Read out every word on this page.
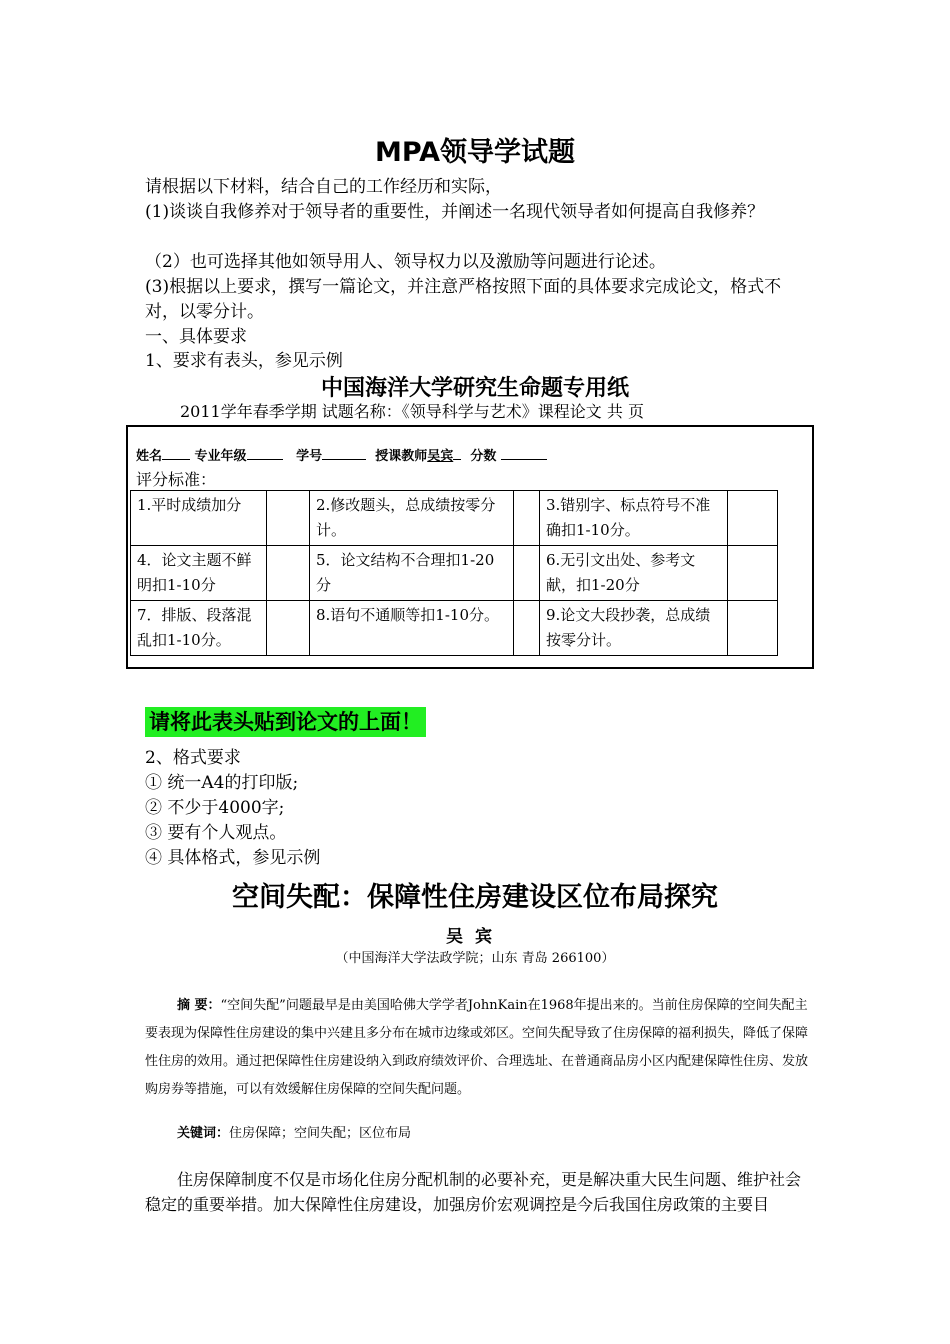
MPA领导学试题
请根据以下材料，结合自己的工作经历和实际，
(1)谈谈自我修养对于领导者的重要性，并阐述一名现代领导者如何提高自我修养？
（2）也可选择其他如领导用人、领导权力以及激励等问题进行论述。
(3)根据以上要求，撰写一篇论文，并注意严格按照下面的具体要求完成论文，格式不对，以零分计。
一、具体要求
1、要求有表头，参见示例
中国海洋大学研究生命题专用纸
2011学年春季学期 试题名称：《领导科学与艺术》课程论文 共 页
姓名	专业年级	学号	授课教师吴宾 分数
评分标准：
1.平时成绩加分		2.修改题头，总成绩按零分计。		3.错别字、标点符号不准确扣1-10分。	
4．论文主题不鲜明扣1-10分		5．论文结构不合理扣1-20分		6.无引文出处、参考文献，扣1-20分	
7．排版、段落混乱扣1-10分。		8.语句不通顺等扣1-10分。		9.论文大段抄袭，总成绩按零分计。	
请将此表头贴到论文的上面！
2、格式要求
① 统一A4的打印版;
② 不少于4000字;
③ 要有个人观点。
④ 具体格式，参见示例
空间失配：保障性住房建设区位布局探究
吴宾
（中国海洋大学法政学院；山东 青岛 266100）
摘 要：“空间失配”问题最早是由美国哈佛大学学者JohnKain在1968年提出来的。当前住房保障的空间失配主要表现为保障性住房建设的集中兴建且多分布在城市边缘或郊区。空间失配导致了住房保障的福利损失，降低了保障性住房的效用。通过把保障性住房建设纳入到政府绩效评价、合理选址、在普通商品房小区内配建保障性住房、发放购房券等措施，可以有效缓解住房保障的空间失配问题。
关键词：住房保障；空间失配；区位布局
住房保障制度不仅是市场化住房分配机制的必要补充，更是解决重大民生问题、维护社会稳定的重要举措。加大保障性住房建设，加强房价宏观调控是今后我国住房政策的主要目
